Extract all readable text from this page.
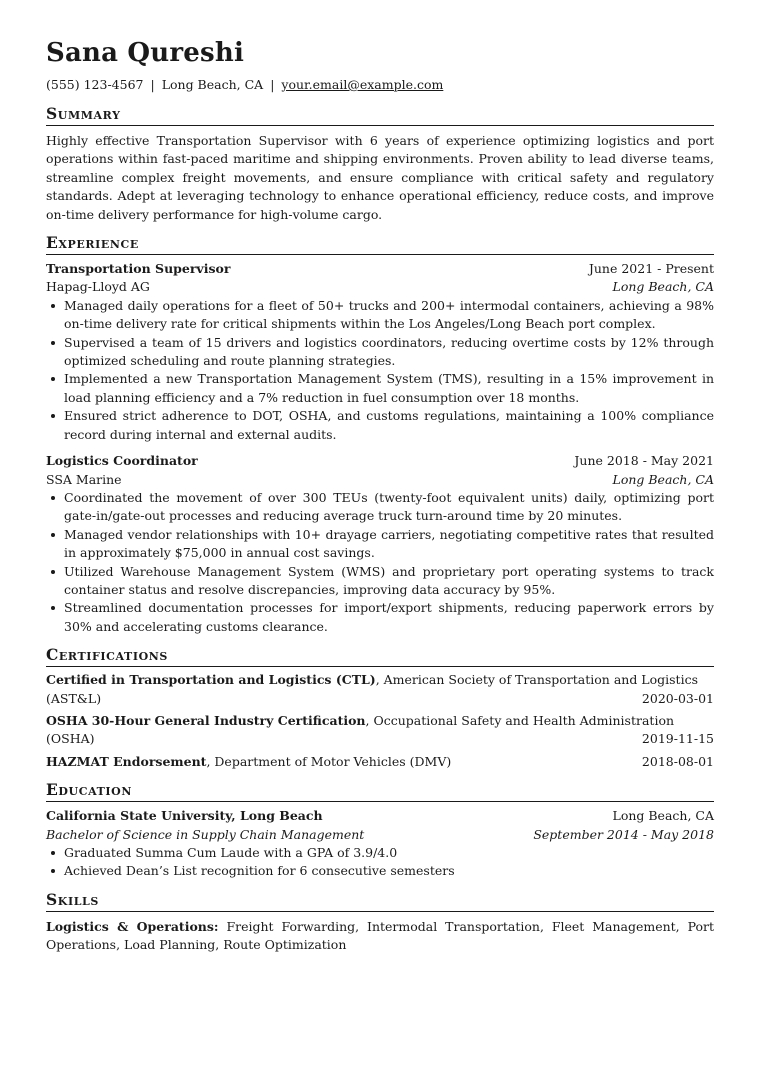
Sana Qureshi
(555) 123-4567 | Long Beach, CA | your.email@example.com
Summary
Highly effective Transportation Supervisor with 6 years of experience optimizing logistics and port operations within fast-paced maritime and shipping environments. Proven ability to lead diverse teams, streamline complex freight movements, and ensure compliance with critical safety and regulatory standards. Adept at leveraging technology to enhance operational efficiency, reduce costs, and improve on-time delivery performance for high-volume cargo.
Experience
Transportation Supervisor	June 2021 - Present
Hapag-Lloyd AG	Long Beach, CA
Managed daily operations for a fleet of 50+ trucks and 200+ intermodal containers, achieving a 98% on-time delivery rate for critical shipments within the Los Angeles/Long Beach port complex.
Supervised a team of 15 drivers and logistics coordinators, reducing overtime costs by 12% through optimized scheduling and route planning strategies.
Implemented a new Transportation Management System (TMS), resulting in a 15% improvement in load planning efficiency and a 7% reduction in fuel consumption over 18 months.
Ensured strict adherence to DOT, OSHA, and customs regulations, maintaining a 100% compliance record during internal and external audits.
Logistics Coordinator	June 2018 - May 2021
SSA Marine	Long Beach, CA
Coordinated the movement of over 300 TEUs (twenty-foot equivalent units) daily, optimizing port gate-in/gate-out processes and reducing average truck turn-around time by 20 minutes.
Managed vendor relationships with 10+ drayage carriers, negotiating competitive rates that resulted in approximately $75,000 in annual cost savings.
Utilized Warehouse Management System (WMS) and proprietary port operating systems to track container status and resolve discrepancies, improving data accuracy by 95%.
Streamlined documentation processes for import/export shipments, reducing paperwork errors by 30% and accelerating customs clearance.
Certifications
Certified in Transportation and Logistics (CTL), American Society of Transportation and Logistics
(AST&L)	2020-03-01
OSHA 30-Hour General Industry Certification, Occupational Safety and Health Administration
(OSHA)	2019-11-15
HAZMAT Endorsement, Department of Motor Vehicles (DMV)	2018-08-01
Education
California State University, Long Beach	Long Beach, CA
Bachelor of Science in Supply Chain Management	September 2014 - May 2018
Graduated Summa Cum Laude with a GPA of 3.9/4.0
Achieved Dean’s List recognition for 6 consecutive semesters
Skills
Logistics & Operations: Freight Forwarding, Intermodal Transportation, Fleet Management, Port Operations, Load Planning, Route Optimization
